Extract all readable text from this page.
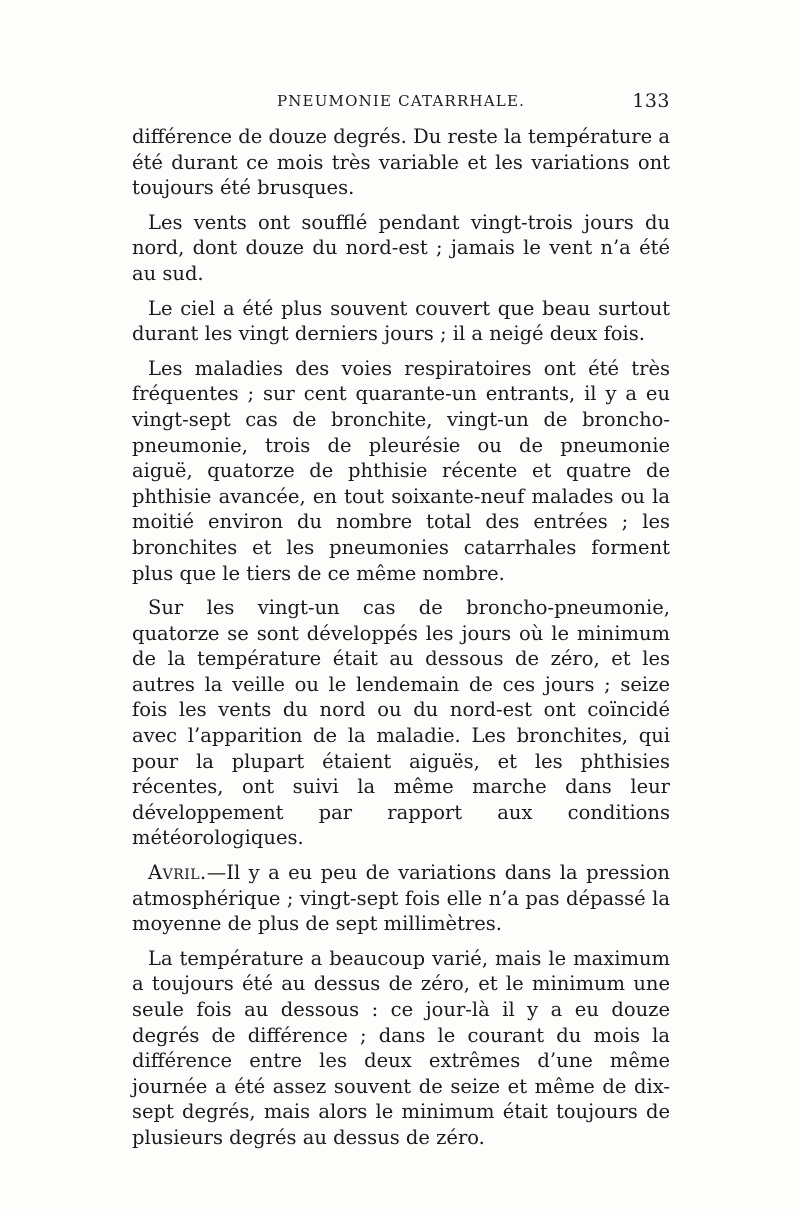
PNEUMONIE CATARRHALE.	133

différence de douze degrés. Du reste la température a été durant ce mois très variable et les variations ont toujours été brusques.

Les vents ont soufflé pendant vingt-trois jours du nord, dont douze du nord-est ; jamais le vent n’a été au sud.

Le ciel a été plus souvent couvert que beau surtout durant les vingt derniers jours ; il a neigé deux fois.

Les maladies des voies respiratoires ont été très fréquentes ; sur cent quarante-un entrants, il y a eu vingt-sept cas de bronchite, vingt-un de broncho-pneumonie, trois de pleurésie ou de pneumonie aiguë, quatorze de phthisie récente et quatre de phthisie avancée, en tout soixante-neuf malades ou la moitié environ du nombre total des entrées ; les bronchites et les pneumonies catarrhales forment plus que le tiers de ce même nombre.

Sur les vingt-un cas de broncho-pneumonie, quatorze se sont développés les jours où le minimum de la température était au dessous de zéro, et les autres la veille ou le lendemain de ces jours ; seize fois les vents du nord ou du nord-est ont coïncidé avec l’apparition de la maladie. Les bronchites, qui pour la plupart étaient aiguës, et les phthisies récentes, ont suivi la même marche dans leur développement par rapport aux conditions météorologiques.

Avril.—Il y a eu peu de variations dans la pression atmosphérique ; vingt-sept fois elle n’a pas dépassé la moyenne de plus de sept millimètres.

La température a beaucoup varié, mais le maximum a toujours été au dessus de zéro, et le minimum une seule fois au dessous : ce jour-là il y a eu douze degrés de différence ; dans le courant du mois la différence entre les deux extrêmes d’une même journée a été assez souvent de seize et même de dix-sept degrés, mais alors le minimum était toujours de plusieurs degrés au dessus de zéro.
